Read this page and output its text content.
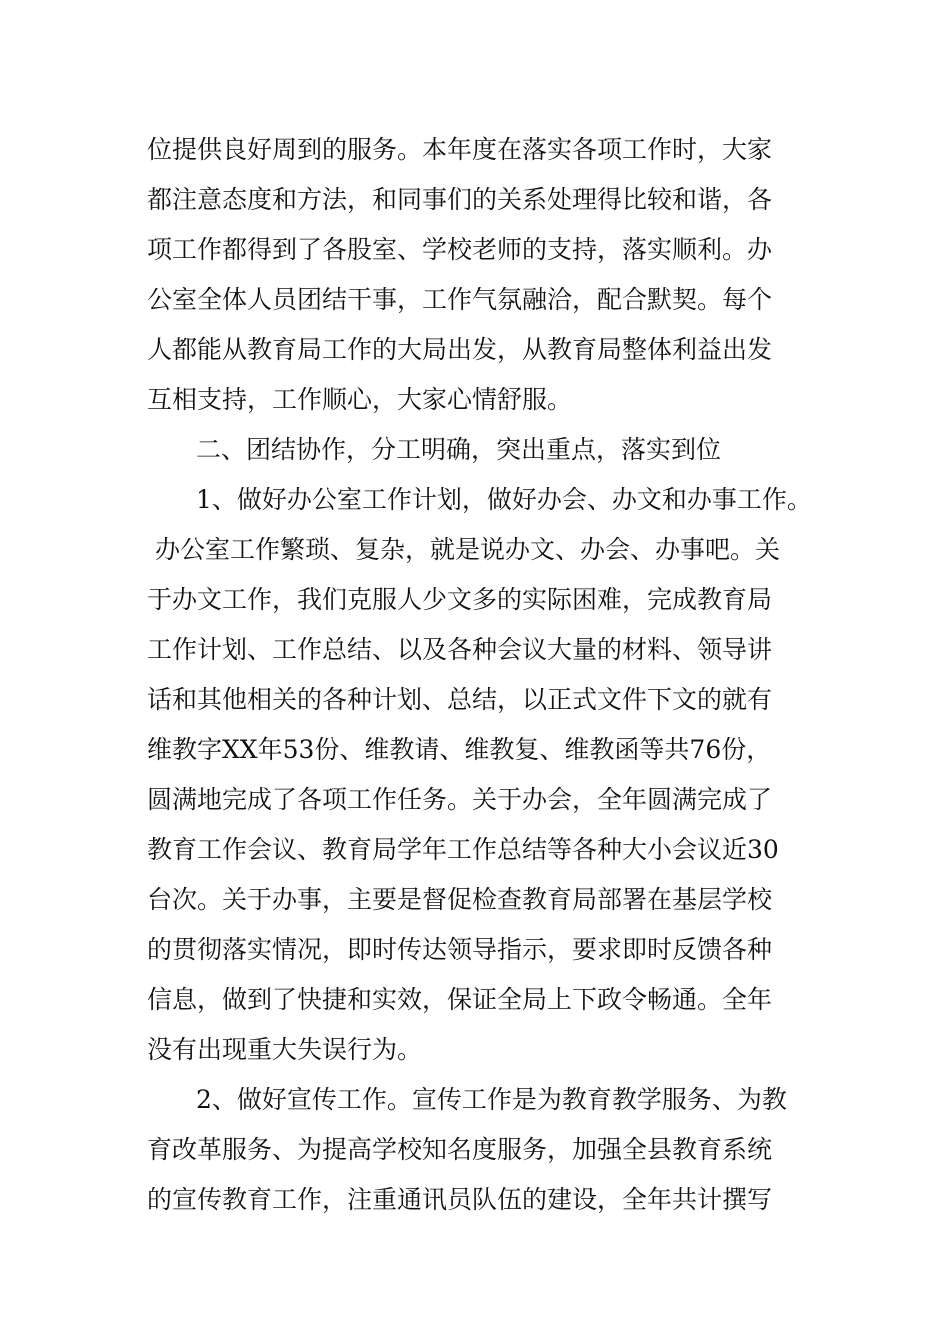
位提供良好周到的服务。本年度在落实各项工作时，大家
都注意态度和方法，和同事们的关系处理得比较和谐，各
项工作都得到了各股室、学校老师的支持，落实顺利。办
公室全体人员团结干事，工作气氛融洽，配合默契。每个
人都能从教育局工作的大局出发，从教育局整体利益出发
互相支持，工作顺心，大家心情舒服。
二、团结协作，分工明确，突出重点，落实到位
1、做好办公室工作计划，做好办会、办文和办事工作。
办公室工作繁琐、复杂，就是说办文、办会、办事吧。关
于办文工作，我们克服人少文多的实际困难，完成教育局
工作计划、工作总结、以及各种会议大量的材料、领导讲
话和其他相关的各种计划、总结，以正式文件下文的就有
维教字XX年53份、维教请、维教复、维教函等共76份，
圆满地完成了各项工作任务。关于办会，全年圆满完成了
教育工作会议、教育局学年工作总结等各种大小会议近30
台次。关于办事，主要是督促检查教育局部署在基层学校
的贯彻落实情况，即时传达领导指示，要求即时反馈各种
信息，做到了快捷和实效，保证全局上下政令畅通。全年
没有出现重大失误行为。
2、做好宣传工作。宣传工作是为教育教学服务、为教
育改革服务、为提高学校知名度服务，加强全县教育系统
的宣传教育工作，注重通讯员队伍的建设，全年共计撰写
